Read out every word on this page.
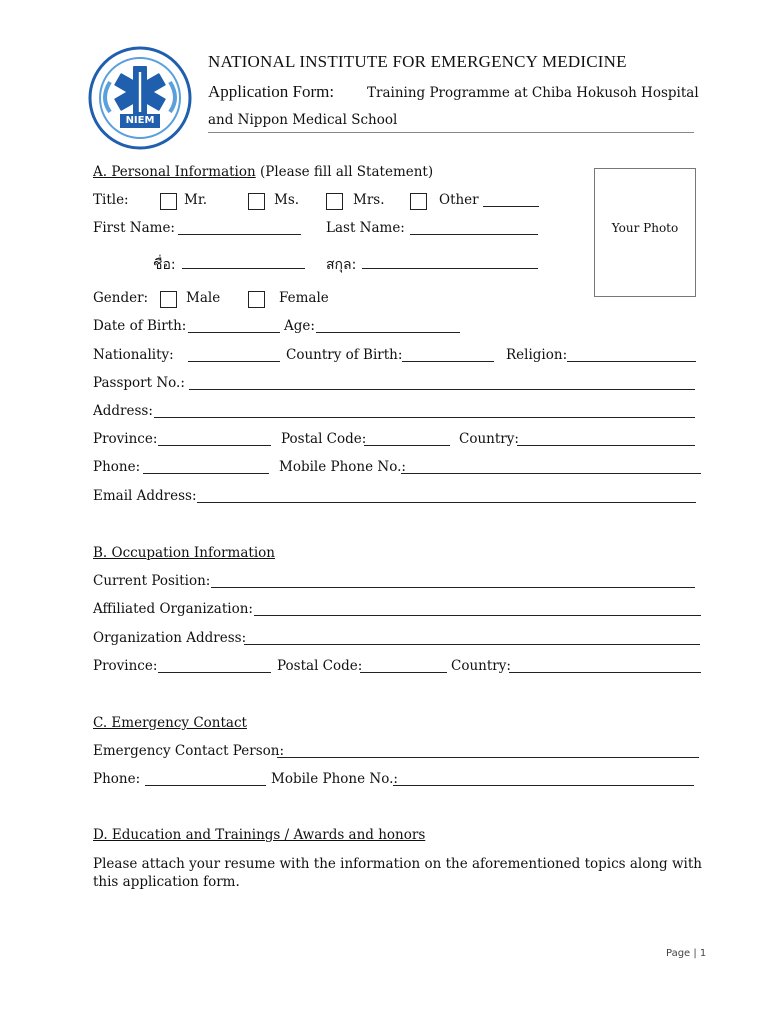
NIEM
NATIONAL INSTITUTE FOR EMERGENCY MEDICINE
Application Form: Training Programme at Chiba Hokusoh Hospital
and Nippon Medical School
Your Photo
A. Personal Information (Please fill all Statement)
Title:	Mr.	Ms.	Mrs.	Other
First Name:	Last Name:
ชื่อ:	สกุล:
Gender:	Male	Female
Date of Birth:	Age:
Nationality:	Country of Birth:	Religion:
Passport No.:
Address:
Province:	Postal Code:	Country:
Phone:	Mobile Phone No.:
Email Address:
B. Occupation Information
Current Position:
Affiliated Organization:
Organization Address:
Province:	Postal Code:	Country:
C. Emergency Contact
Emergency Contact Person:
Phone:	Mobile Phone No.:
D. Education and Trainings / Awards and honors
Please attach your resume with the information on the aforementioned topics along with
this application form.
Page | 1
